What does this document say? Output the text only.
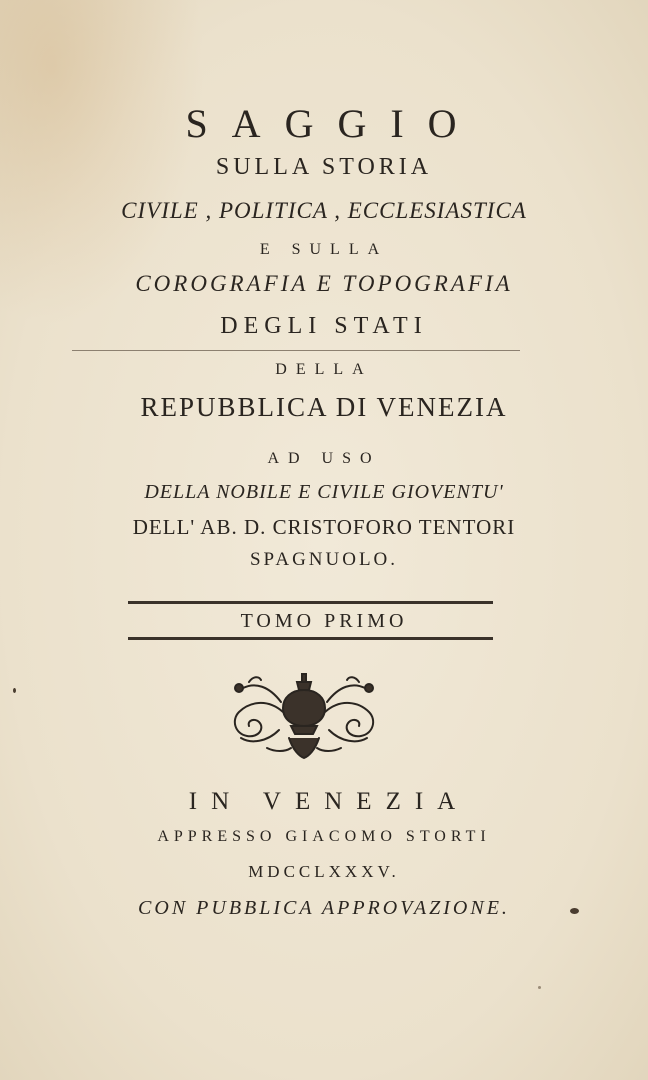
SAGGIO
SULLA STORIA
CIVILE , POLITICA , ECCLESIASTICA
E SULLA
COROGRAFIA E TOPOGRAFIA
DEGLI STATI
DELLA
REPUBBLICA DI VENEZIA
AD USO
DELLA NOBILE E CIVILE GIOVENTU'
DELL' AB. D. CRISTOFORO TENTORI
SPAGNUOLO.
TOMO PRIMO
IN VENEZIA
APPRESSO GIACOMO STORTI
MDCCLXXXV.
CON PUBBLICA APPROVAZIONE.
